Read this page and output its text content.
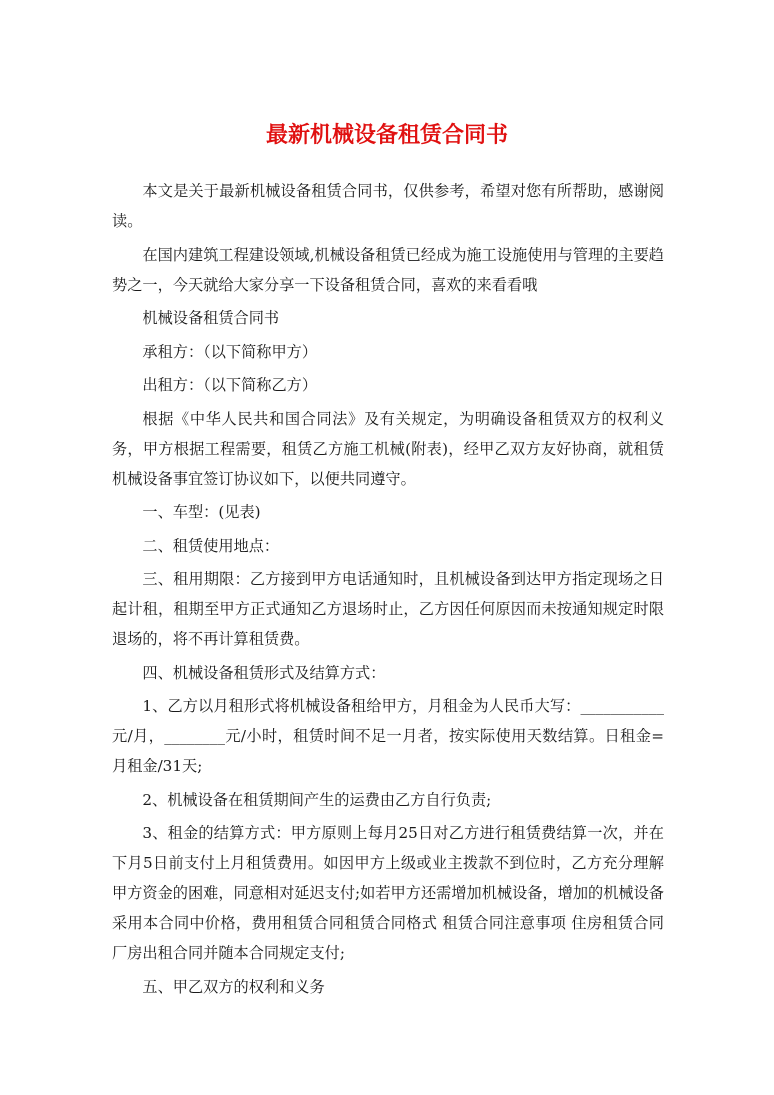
最新机械设备租赁合同书

本文是关于最新机械设备租赁合同书，仅供参考，希望对您有所帮助，感谢阅读。

在国内建筑工程建设领域,机械设备租赁已经成为施工设施使用与管理的主要趋势之一，今天就给大家分享一下设备租赁合同，喜欢的来看看哦

机械设备租赁合同书

承租方：（以下简称甲方）

出租方：（以下简称乙方）

根据《中华人民共和国合同法》及有关规定，为明确设备租赁双方的权利义务，甲方根据工程需要，租赁乙方施工机械(附表)，经甲乙双方友好协商，就租赁机械设备事宜签订协议如下，以便共同遵守。

一、车型：(见表)

二、租赁使用地点：

三、租用期限：乙方接到甲方电话通知时，且机械设备到达甲方指定现场之日起计租，租期至甲方正式通知乙方退场时止，乙方因任何原因而未按通知规定时限退场的，将不再计算租赁费。

四、机械设备租赁形式及结算方式：

1、乙方以月租形式将机械设备租给甲方，月租金为人民币大写：___________元/月，________元/小时，租赁时间不足一月者，按实际使用天数结算。日租金=月租金/31天;

2、机械设备在租赁期间产生的运费由乙方自行负责;

3、租金的结算方式：甲方原则上每月25日对乙方进行租赁费结算一次，并在下月5日前支付上月租赁费用。如因甲方上级或业主拨款不到位时，乙方充分理解甲方资金的困难，同意相对延迟支付;如若甲方还需增加机械设备，增加的机械设备采用本合同中价格，费用租赁合同租赁合同格式 租赁合同注意事项 住房租赁合同 厂房出租合同并随本合同规定支付;

五、甲乙双方的权利和义务
